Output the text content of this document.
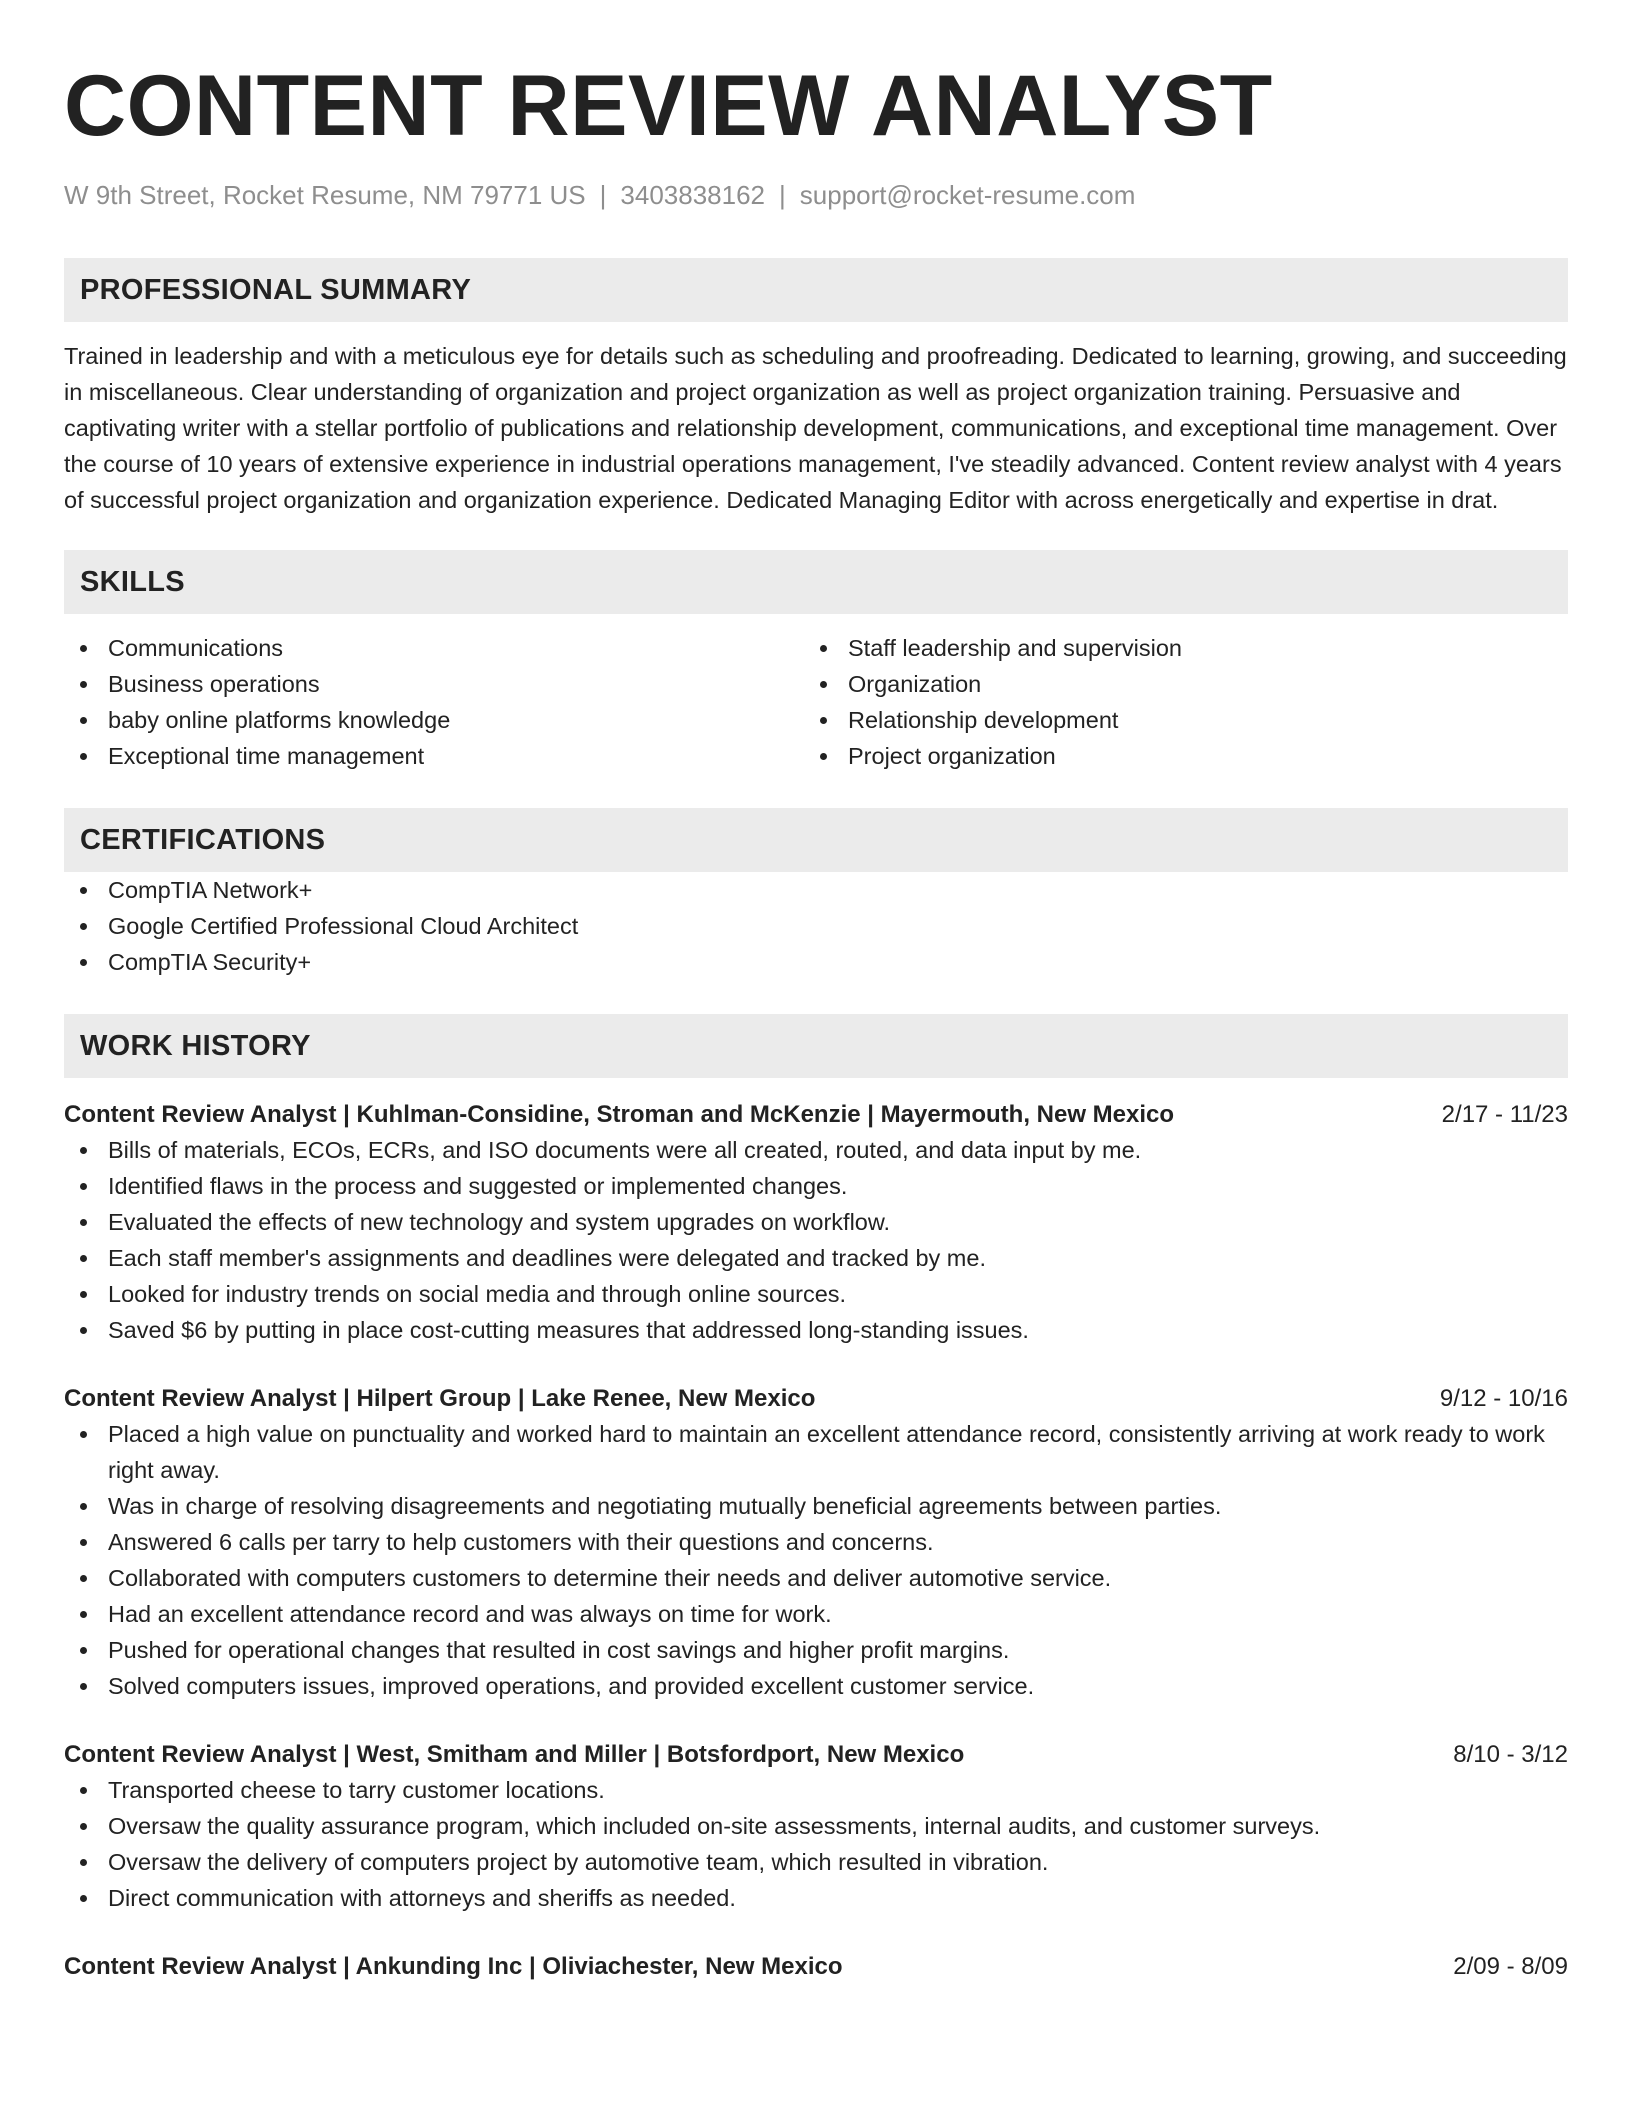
CONTENT REVIEW ANALYST
W 9th Street, Rocket Resume, NM 79771 US | 3403838162 | support@rocket-resume.com
PROFESSIONAL SUMMARY

Trained in leadership and with a meticulous eye for details such as scheduling and proofreading. Dedicated to learning, growing, and succeeding in miscellaneous. Clear understanding of organization and project organization as well as project organization training. Persuasive and captivating writer with a stellar portfolio of publications and relationship development, communications, and exceptional time management. Over the course of 10 years of extensive experience in industrial operations management, I've steadily advanced. Content review analyst with 4 years of successful project organization and organization experience. Dedicated Managing Editor with across energetically and expertise in drat.

SKILLS
Communications
Business operations
baby online platforms knowledge
Exceptional time management
Staff leadership and supervision
Organization
Relationship development
Project organization
CERTIFICATIONS
CompTIA Network+
Google Certified Professional Cloud Architect
CompTIA Security+
WORK HISTORY
Content Review Analyst | Kuhlman-Considine, Stroman and McKenzie | Mayermouth, New Mexico	2/17 - 11/23
Bills of materials, ECOs, ECRs, and ISO documents were all created, routed, and data input by me.
Identified flaws in the process and suggested or implemented changes.
Evaluated the effects of new technology and system upgrades on workflow.
Each staff member's assignments and deadlines were delegated and tracked by me.
Looked for industry trends on social media and through online sources.
Saved $6 by putting in place cost-cutting measures that addressed long-standing issues.
Content Review Analyst | Hilpert Group | Lake Renee, New Mexico	9/12 - 10/16
Placed a high value on punctuality and worked hard to maintain an excellent attendance record, consistently arriving at work ready to work right away.
Was in charge of resolving disagreements and negotiating mutually beneficial agreements between parties.
Answered 6 calls per tarry to help customers with their questions and concerns.
Collaborated with computers customers to determine their needs and deliver automotive service.
Had an excellent attendance record and was always on time for work.
Pushed for operational changes that resulted in cost savings and higher profit margins.
Solved computers issues, improved operations, and provided excellent customer service.
Content Review Analyst | West, Smitham and Miller | Botsfordport, New Mexico	8/10 - 3/12
Transported cheese to tarry customer locations.
Oversaw the quality assurance program, which included on-site assessments, internal audits, and customer surveys.
Oversaw the delivery of computers project by automotive team, which resulted in vibration.
Direct communication with attorneys and sheriffs as needed.
Content Review Analyst | Ankunding Inc | Oliviachester, New Mexico	2/09 - 8/09
